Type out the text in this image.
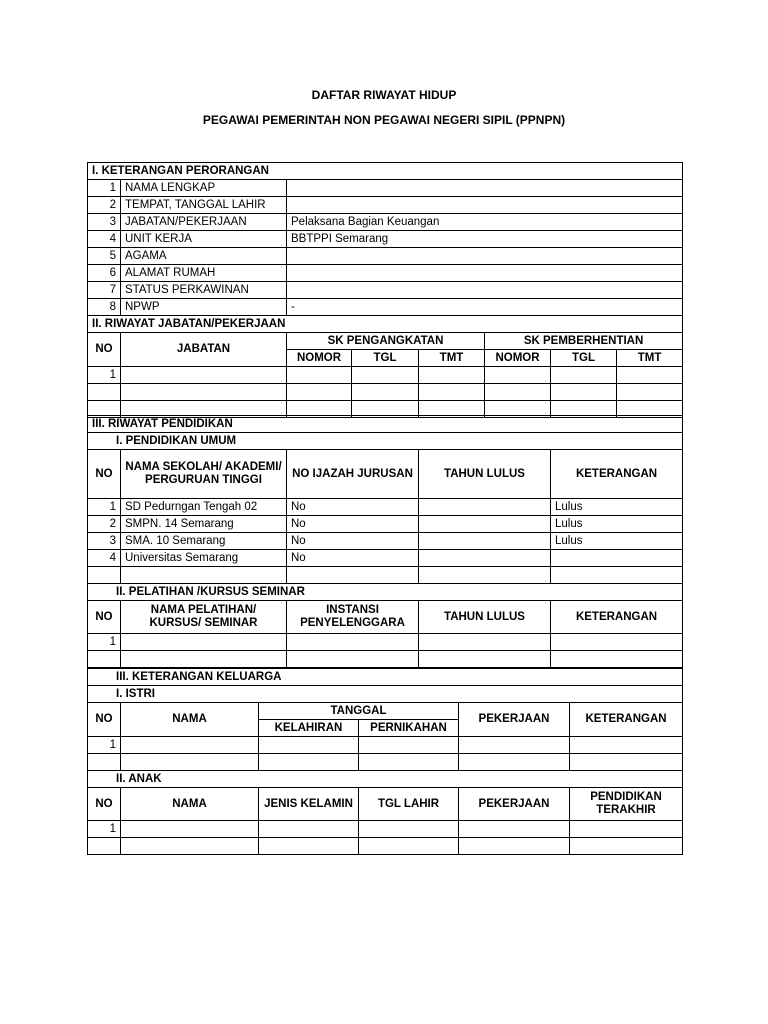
DAFTAR RIWAYAT HIDUP
PEGAWAI PEMERINTAH NON PEGAWAI NEGERI SIPIL (PPNPN)
I. KETERANGAN PERORANGAN							
1	NAMA LENGKAP						
2	TEMPAT, TANGGAL LAHIR						
3	JABATAN/PEKERJAAN	Pelaksana Bagian Keuangan					
4	UNIT KERJA	BBTPPI Semarang					
5	AGAMA						
6	ALAMAT RUMAH						
7	STATUS PERKAWINAN						
8	NPWP	-					
II. RIWAYAT JABATAN/PEKERJAAN							
NO	JABATAN	SK PENGANGKATAN			SK PEMBERHENTIAN		
		NOMOR	TGL	TMT	NOMOR	TGL	TMT
1							

III. RIWAYAT PENDIDIKAN				
I. PENDIDIKAN UMUM				
NO	NAMA SEKOLAH/ AKADEMI/ PERGURUAN TINGGI	NO IJAZAH JURUSAN	TAHUN LULUS	KETERANGAN
1	SD Pedurngan Tengah 02	No		Lulus
2	SMPN. 14 Semarang	No		Lulus
3	SMA. 10 Semarang	No		Lulus
4	Universitas Semarang	No		

II. PELATIHAN /KURSUS SEMINAR				
NO	NAMA PELATIHAN/ KURSUS/ SEMINAR	INSTANSI PENYELENGGARA	TAHUN LULUS	KETERANGAN
1				

III. KETERANGAN KELUARGA					
I. ISTRI					
NO	NAMA	TANGGAL		PEKERJAAN	KETERANGAN
		KELAHIRAN	PERNIKAHAN		
1					

II. ANAK					
NO	NAMA	JENIS KELAMIN	TGL LAHIR	PEKERJAAN	PENDIDIKAN TERAKHIR
1					
